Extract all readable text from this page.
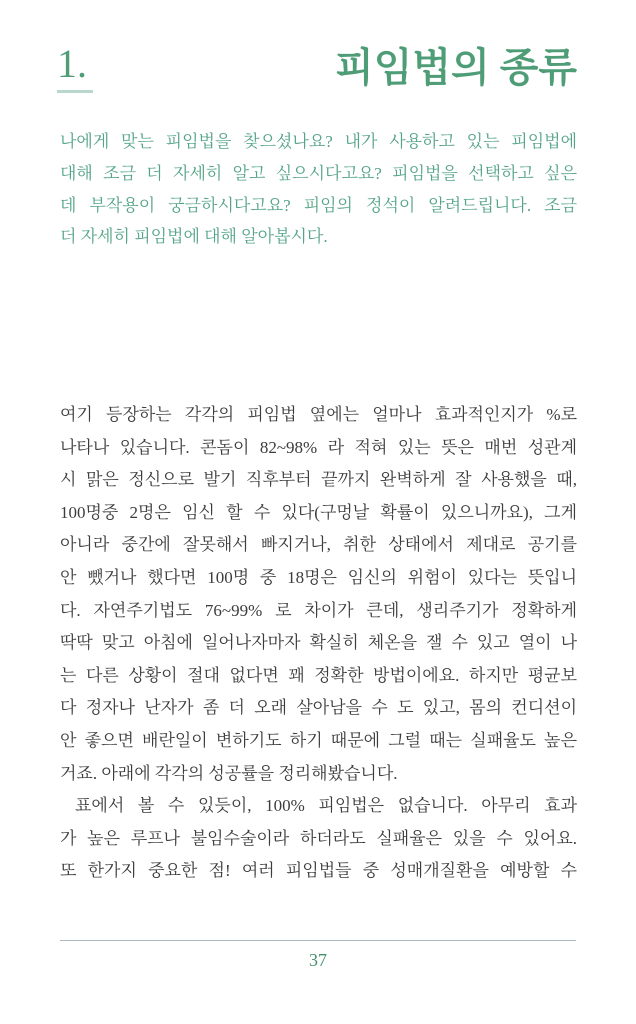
1.	피임법의 종류
나에게 맞는 피임법을 찾으셨나요? 내가 사용하고 있는 피임법에
대해 조금 더 자세히 알고 싶으시다고요? 피임법을 선택하고 싶은
데 부작용이 궁금하시다고요? 피임의 정석이 알려드립니다. 조금
더 자세히 피임법에 대해 알아봅시다.
여기 등장하는 각각의 피임법 옆에는 얼마나 효과적인지가 %로
나타나 있습니다. 콘돔이 82~98% 라 적혀 있는 뜻은 매번 성관계
시 맑은 정신으로 발기 직후부터 끝까지 완벽하게 잘 사용했을 때,
100명중 2명은 임신 할 수 있다(구멍날 확률이 있으니까요), 그게
아니라 중간에 잘못해서 빠지거나, 취한 상태에서 제대로 공기를
안 뺐거나 했다면 100명 중 18명은 임신의 위험이 있다는 뜻입니
다. 자연주기법도 76~99% 로 차이가 큰데, 생리주기가 정확하게
딱딱 맞고 아침에 일어나자마자 확실히 체온을 잴 수 있고 열이 나
는 다른 상황이 절대 없다면 꽤 정확한 방법이에요. 하지만 평균보
다 정자나 난자가 좀 더 오래 살아남을 수 도 있고, 몸의 컨디션이
안 좋으면 배란일이 변하기도 하기 때문에 그럴 때는 실패율도 높은
거죠. 아래에 각각의 성공률을 정리해봤습니다.
표에서 볼 수 있듯이, 100% 피임법은 없습니다. 아무리 효과
가 높은 루프나 불임수술이라 하더라도 실패율은 있을 수 있어요.
또 한가지 중요한 점! 여러 피임법들 중 성매개질환을 예방할 수
37
